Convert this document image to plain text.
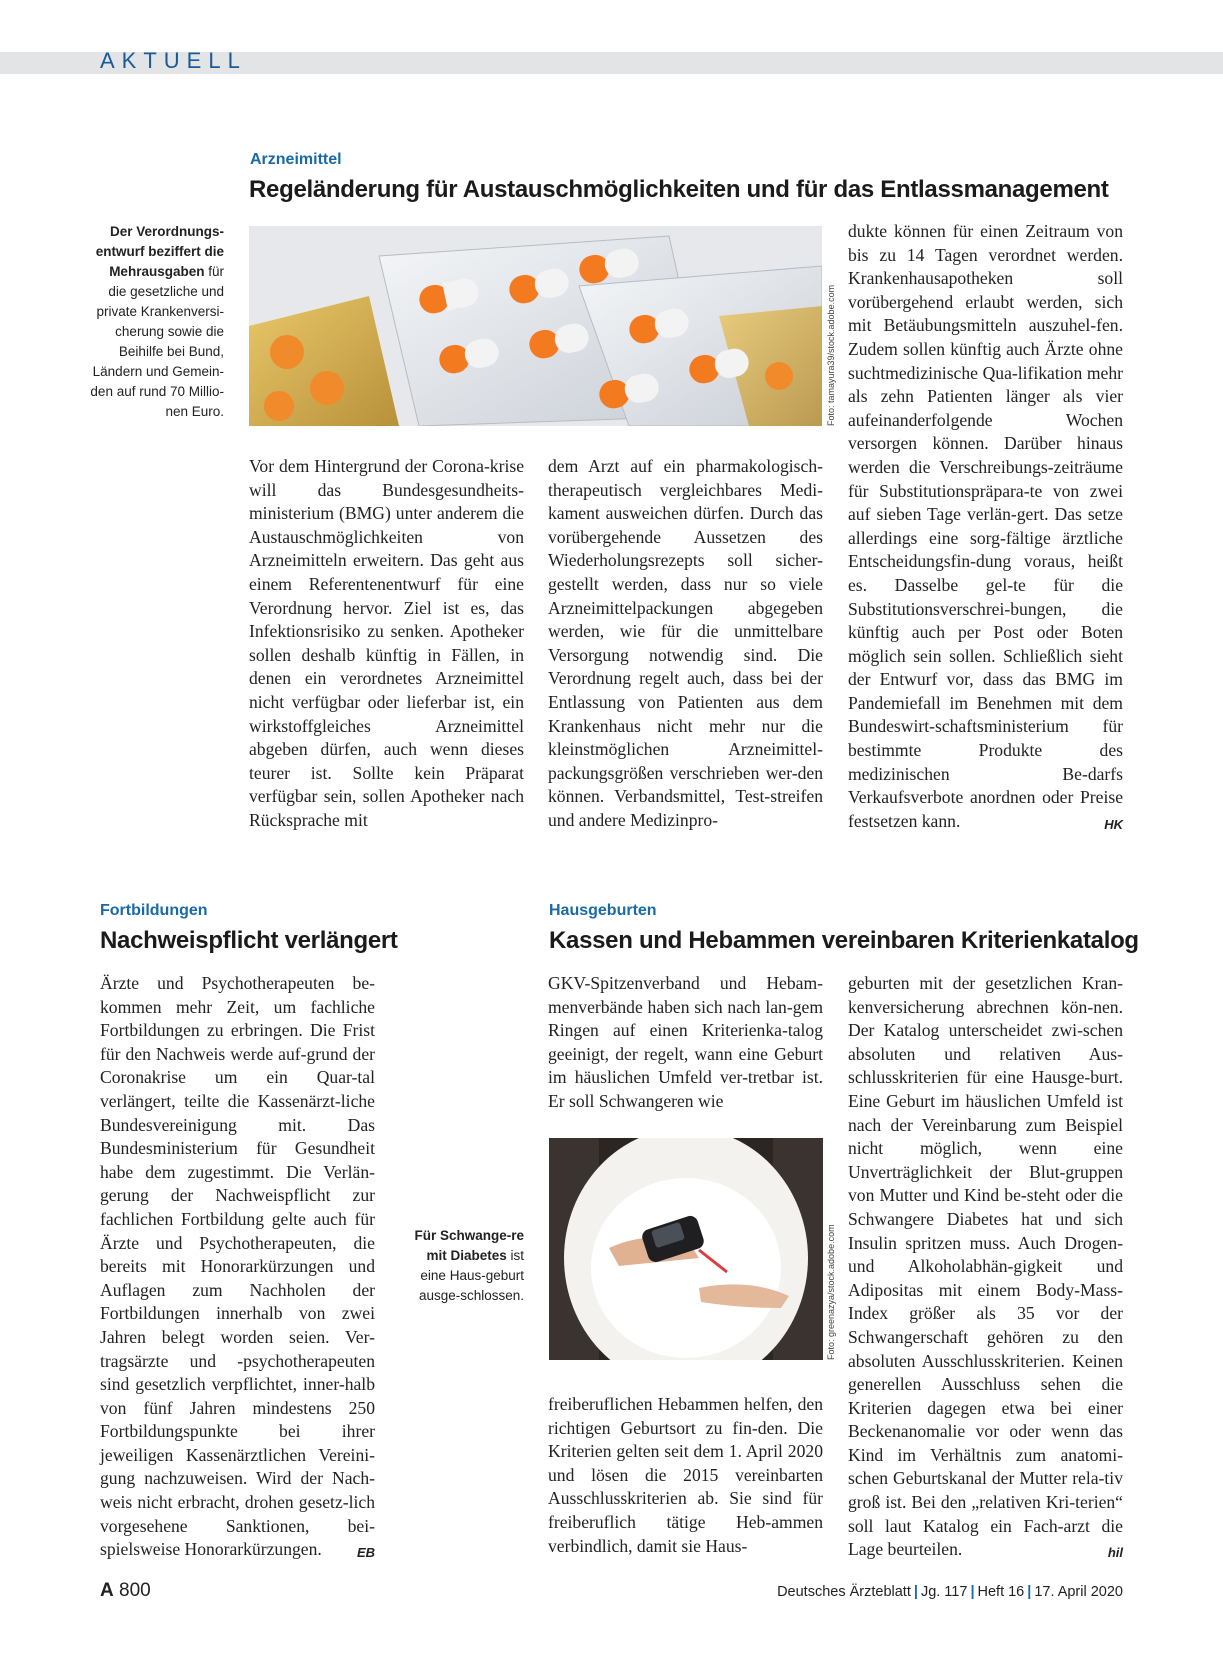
AKTUELL
Arzneimittel
Regeländerung für Austauschmöglichkeiten und für das Entlassmanagement
Der Verordnungs-entwurf beziffert die Mehrausgaben für die gesetzliche und private Krankenversi-cherung sowie die Beihilfe bei Bund, Ländern und Gemein-den auf rund 70 Millio-nen Euro.	Foto: tamayura39/stock.adobe.com
Vor dem Hintergrund der Corona-krise will das Bundesgesundheits-ministerium (BMG) unter anderem die Austauschmöglichkeiten von Arzneimitteln erweitern. Das geht aus einem Referentenentwurf für eine Verordnung hervor. Ziel ist es, das Infektionsrisiko zu senken. Apotheker sollen deshalb künftig in Fällen, in denen ein verordnetes Arzneimittel nicht verfügbar oder lieferbar ist, ein wirkstoffgleiches Arzneimittel abgeben dürfen, auch wenn dieses teurer ist. Sollte kein Präparat verfügbar sein, sollen Apotheker nach Rücksprache mit
dem Arzt auf ein pharmakologisch-therapeutisch vergleichbares Medi-kament ausweichen dürfen. Durch das vorübergehende Aussetzen des Wiederholungsrezepts soll sicher-gestellt werden, dass nur so viele Arzneimittelpackungen abgegeben werden, wie für die unmittelbare Versorgung notwendig sind. Die Verordnung regelt auch, dass bei der Entlassung von Patienten aus dem Krankenhaus nicht mehr nur die kleinstmöglichen Arzneimittel-packungsgrößen verschrieben wer-den können. Verbandsmittel, Test-streifen und andere Medizinpro-
dukte können für einen Zeitraum von bis zu 14 Tagen verordnet werden. Krankenhausapotheken soll vorübergehend erlaubt werden, sich mit Betäubungsmitteln auszuhel-fen. Zudem sollen künftig auch Ärzte ohne suchtmedizinische Qua-lifikation mehr als zehn Patienten länger als vier aufeinanderfolgende Wochen versorgen können. Darüber hinaus werden die Verschreibungs-zeiträume für Substitutionspräpara-te von zwei auf sieben Tage verlän-gert. Das setze allerdings eine sorg-fältige ärztliche Entscheidungsfin-dung voraus, heißt es. Dasselbe gel-te für die Substitutionsverschrei-bungen, die künftig auch per Post oder Boten möglich sein sollen. Schließlich sieht der Entwurf vor, dass das BMG im Pandemiefall im Benehmen mit dem Bundeswirt-schaftsministerium für bestimmte Produkte des medizinischen Be-darfs Verkaufsverbote anordnen oder Preise festsetzen kann.	HK
Fortbildungen
Nachweispflicht verlängert
Ärzte und Psychotherapeuten be-kommen mehr Zeit, um fachliche Fortbildungen zu erbringen. Die Frist für den Nachweis werde auf-grund der Coronakrise um ein Quar-tal verlängert, teilte die Kassenärzt-liche Bundesvereinigung mit. Das Bundesministerium für Gesundheit habe dem zugestimmt. Die Verlän-gerung der Nachweispflicht zur fachlichen Fortbildung gelte auch für Ärzte und Psychotherapeuten, die bereits mit Honorarkürzungen und Auflagen zum Nachholen der Fortbildungen innerhalb von zwei Jahren belegt worden seien. Ver-tragsärzte und -psychotherapeuten sind gesetzlich verpflichtet, inner-halb von fünf Jahren mindestens 250 Fortbildungspunkte bei ihrer jeweiligen Kassenärztlichen Vereini-gung nachzuweisen. Wird der Nach-weis nicht erbracht, drohen gesetz-lich vorgesehene Sanktionen, bei-spielsweise Honorarkürzungen.	EB
Hausgeburten
Kassen und Hebammen vereinbaren Kriterienkatalog
GKV-Spitzenverband und Hebam-menverbände haben sich nach lan-gem Ringen auf einen Kriterienka-talog geeinigt, der regelt, wann eine Geburt im häuslichen Umfeld ver-tretbar ist. Er soll Schwangeren wie
Foto: greenazya/stock.adobe.com
Für Schwange-re mit Diabetes ist eine Haus-geburt ausge-schlossen.
freiberuflichen Hebammen helfen, den richtigen Geburtsort zu fin-den. Die Kriterien gelten seit dem 1. April 2020 und lösen die 2015 vereinbarten Ausschlusskriterien ab. Sie sind für freiberuflich tätige Heb-ammen verbindlich, damit sie Haus-
geburten mit der gesetzlichen Kran-kenversicherung abrechnen kön-nen. Der Katalog unterscheidet zwi-schen absoluten und relativen Aus-schlusskriterien für eine Hausge-burt. Eine Geburt im häuslichen Umfeld ist nach der Vereinbarung zum Beispiel nicht möglich, wenn eine Unverträglichkeit der Blut-gruppen von Mutter und Kind be-steht oder die Schwangere Diabetes hat und sich Insulin spritzen muss. Auch Drogen- und Alkoholabhän-gigkeit und Adipositas mit einem Body-Mass-Index größer als 35 vor der Schwangerschaft gehören zu den absoluten Ausschlusskriterien. Keinen generellen Ausschluss sehen die Kriterien dagegen etwa bei einer Beckenanomalie vor oder wenn das Kind im Verhältnis zum anatomi-schen Geburtskanal der Mutter rela-tiv groß ist. Bei den „relativen Kri-terien“ soll laut Katalog ein Fach-arzt die Lage beurteilen.	hil
A 800	Deutsches Ärzteblatt | Jg. 117 | Heft 16 | 17. April 2020
